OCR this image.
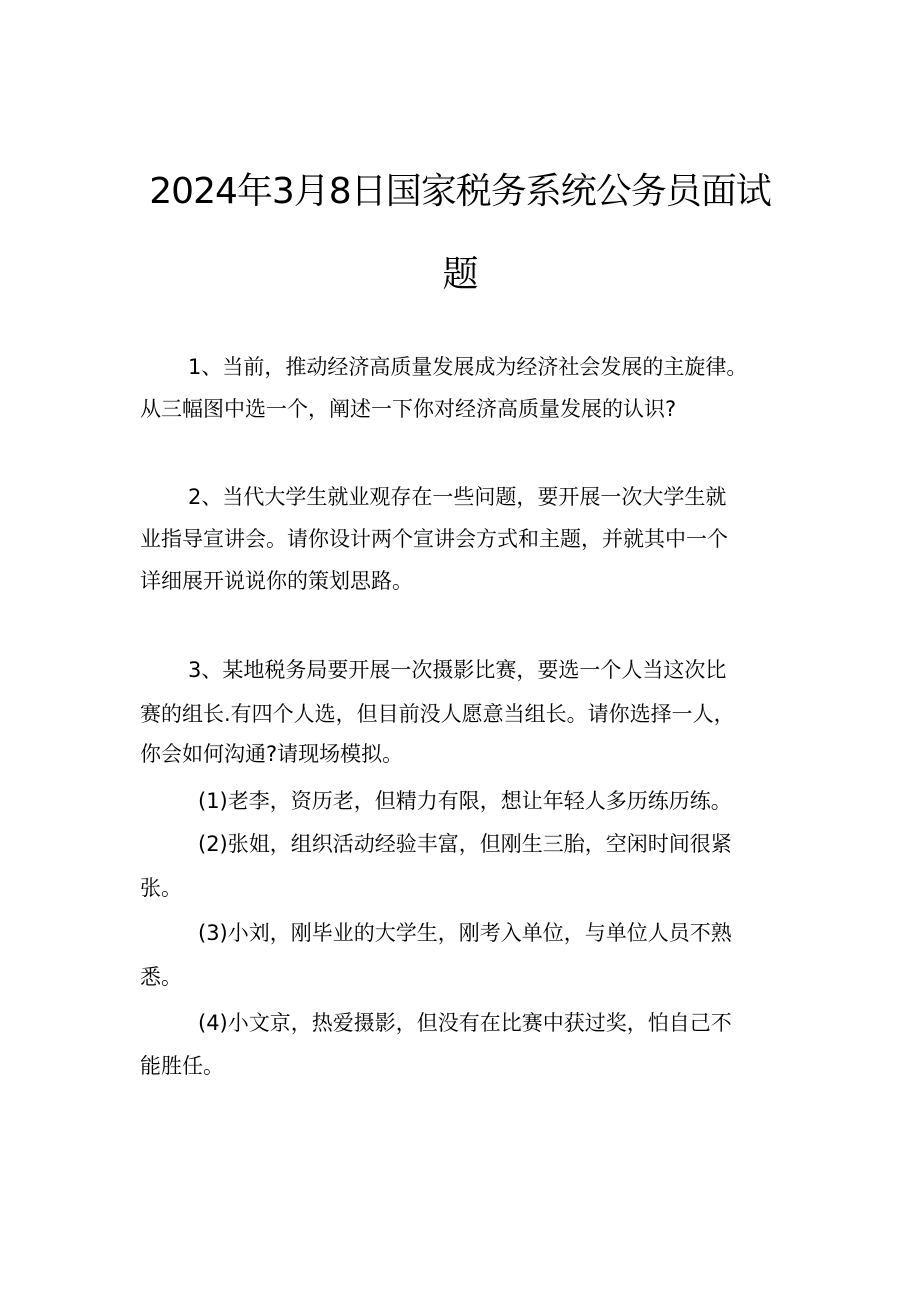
2024年3月8日国家税务系统公务员面试
题
1、当前，推动经济高质量发展成为经济社会发展的主旋律。
从三幅图中选一个，阐述一下你对经济高质量发展的认识?
2、当代大学生就业观存在一些问题，要开展一次大学生就
业指导宣讲会。请你设计两个宣讲会方式和主题，并就其中一个
详细展开说说你的策划思路。
3、某地税务局要开展一次摄影比赛，要选一个人当这次比
赛的组长.有四个人选，但目前没人愿意当组长。请你选择一人，
你会如何沟通?请现场模拟。
(1)老李，资历老，但精力有限，想让年轻人多历练历练。
(2)张姐，组织活动经验丰富，但刚生三胎，空闲时间很紧
张。
(3)小刘，刚毕业的大学生，刚考入单位，与单位人员不熟
悉。
(4)小文京，热爱摄影，但没有在比赛中获过奖，怕自己不
能胜任。
